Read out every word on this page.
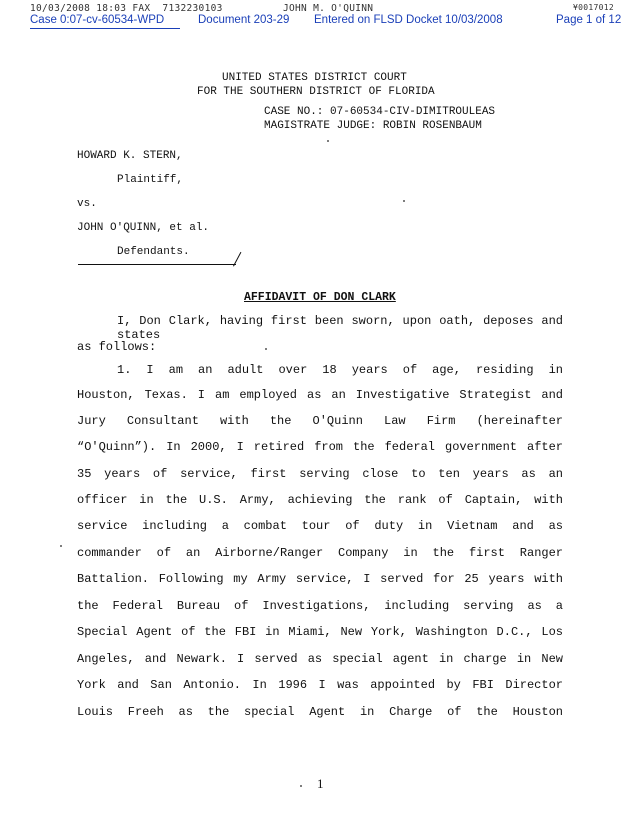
10/03/2008 18:03 FAX  7132230103	JOHN M. O'QUINN	¥0017012
Case 0:07-cv-60534-WPD	Document 203-29 Entered on FLSD Docket 10/03/2008	Page 1 of 12
UNITED STATES DISTRICT COURT
FOR THE SOUTHERN DISTRICT OF FLORIDA
CASE NO.: 07-60534-CIV-DIMITROULEAS
MAGISTRATE JUDGE: ROBIN ROSENBAUM
HOWARD K. STERN,
Plaintiff,
vs.
JOHN O'QUINN, et al.
Defendants.
AFFIDAVIT OF DON CLARK
I, Don Clark, having first been sworn, upon oath, deposes and states
as follows:
1. I am an adult over 18 years of age, residing in
Houston, Texas. I am employed as an Investigative Strategist and
Jury Consultant with the O'Quinn Law Firm (hereinafter
“O'Quinn”). In 2000, I retired from the federal government after
35 years of service, first serving close to ten years as an
officer in the U.S. Army, achieving the rank of Captain, with
service including a combat tour of duty in Vietnam and as
commander of an Airborne/Ranger Company in the first Ranger
Battalion. Following my Army service, I served for 25 years with
the Federal Bureau of Investigations, including serving as a
Special Agent of the FBI in Miami, New York, Washington D.C., Los
Angeles, and Newark. I served as special agent in charge in New
York and San Antonio. In 1996 I was appointed by FBI Director
Louis Freeh as the special Agent in Charge of the Houston
1
